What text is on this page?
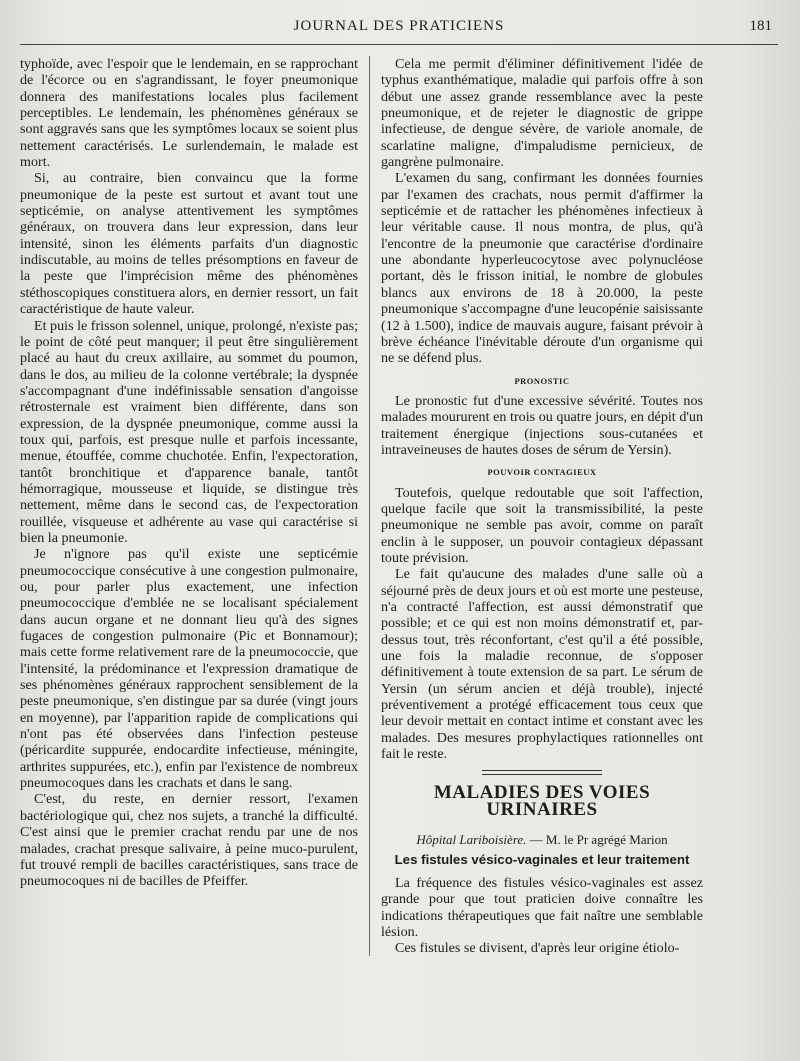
JOURNAL DES PRATICIENS	181

typhoïde, avec l'espoir que le lendemain, en se rapprochant de l'écorce ou en s'agrandissant, le foyer pneumonique donnera des manifestations locales plus facilement perceptibles. Le lendemain, les phénomènes généraux se sont aggravés sans que les symptômes locaux se soient plus nettement caractérisés. Le surlendemain, le malade est mort.

Si, au contraire, bien convaincu que la forme pneumonique de la peste est surtout et avant tout une septicémie, on analyse attentivement les symptômes généraux, on trouvera dans leur expression, dans leur intensité, sinon les éléments parfaits d'un diagnostic indiscutable, au moins de telles présomptions en faveur de la peste que l'imprécision même des phénomènes stéthoscopiques constituera alors, en dernier ressort, un fait caractéristique de haute valeur.

Et puis le frisson solennel, unique, prolongé, n'existe pas; le point de côté peut manquer; il peut être singulièrement placé au haut du creux axillaire, au sommet du poumon, dans le dos, au milieu de la colonne vertébrale; la dyspnée s'accompagnant d'une indéfinissable sensation d'angoisse rétrosternale est vraiment bien différente, dans son expression, de la dyspnée pneumonique, comme aussi la toux qui, parfois, est presque nulle et parfois incessante, menue, étouffée, comme chuchotée. Enfin, l'expectoration, tantôt bronchitique et d'apparence banale, tantôt hémorragique, mousseuse et liquide, se distingue très nettement, même dans le second cas, de l'expectoration rouillée, visqueuse et adhérente au vase qui caractérise si bien la pneumonie.

Je n'ignore pas qu'il existe une septicémie pneumococcique consécutive à une congestion pulmonaire, ou, pour parler plus exactement, une infection pneumococcique d'emblée ne se localisant spécialement dans aucun organe et ne donnant lieu qu'à des signes fugaces de congestion pulmonaire (Pic et Bonnamour); mais cette forme relativement rare de la pneumococcie, que l'intensité, la prédominance et l'expression dramatique de ses phénomènes généraux rapprochent sensiblement de la peste pneumonique, s'en distingue par sa durée (vingt jours en moyenne), par l'apparition rapide de complications qui n'ont pas été observées dans l'infection pesteuse (péricardite suppurée, endocardite infectieuse, méningite, arthrites suppurées, etc.), enfin par l'existence de nombreux pneumocoques dans les crachats et dans le sang.

C'est, du reste, en dernier ressort, l'examen bactériologique qui, chez nos sujets, a tranché la difficulté. C'est ainsi que le premier crachat rendu par une de nos malades, crachat presque salivaire, à peine muco-purulent, fut trouvé rempli de bacilles caractéristiques, sans trace de pneumocoques ni de bacilles de Pfeiffer.

Cela me permit d'éliminer définitivement l'idée de typhus exanthématique, maladie qui parfois offre à son début une assez grande ressemblance avec la peste pneumonique, et de rejeter le diagnostic de grippe infectieuse, de dengue sévère, de variole anomale, de scarlatine maligne, d'impaludisme pernicieux, de gangrène pulmonaire.

L'examen du sang, confirmant les données fournies par l'examen des crachats, nous permit d'affirmer la septicémie et de rattacher les phénomènes infectieux à leur véritable cause. Il nous montra, de plus, qu'à l'encontre de la pneumonie que caractérise d'ordinaire une abondante hyperleucocytose avec polynucléose portant, dès le frisson initial, le nombre de globules blancs aux environs de 18 à 20.000, la peste pneumonique s'accompagne d'une leucopénie saisissante (12 à 1.500), indice de mauvais augure, faisant prévoir à brève échéance l'inévitable déroute d'un organisme qui ne se défend plus.

PRONOSTIC

Le pronostic fut d'une excessive sévérité. Toutes nos malades moururent en trois ou quatre jours, en dépit d'un traitement énergique (injections sous-cutanées et intraveineuses de hautes doses de sérum de Yersin).

POUVOIR CONTAGIEUX

Toutefois, quelque redoutable que soit l'affection, quelque facile que soit la transmissibilité, la peste pneumonique ne semble pas avoir, comme on paraît enclin à le supposer, un pouvoir contagieux dépassant toute prévision.

Le fait qu'aucune des malades d'une salle où a séjourné près de deux jours et où est morte une pesteuse, n'a contracté l'affection, est aussi démonstratif que possible; et ce qui est non moins démonstratif et, par-dessus tout, très réconfortant, c'est qu'il a été possible, une fois la maladie reconnue, de s'opposer définitivement à toute extension de sa part. Le sérum de Yersin (un sérum ancien et déjà trouble), injecté préventivement a protégé efficacement tous ceux que leur devoir mettait en contact intime et constant avec les malades. Des mesures prophylactiques rationnelles ont fait le reste.

MALADIES DES VOIES URINAIRES
Hôpital Lariboisière. — M. le Pr agrégé Marion
Les fistules vésico-vaginales et leur traitement

La fréquence des fistules vésico-vaginales est assez grande pour que tout praticien doive connaître les indications thérapeutiques que fait naître une semblable lésion.

Ces fistules se divisent, d'après leur origine étiolo-
